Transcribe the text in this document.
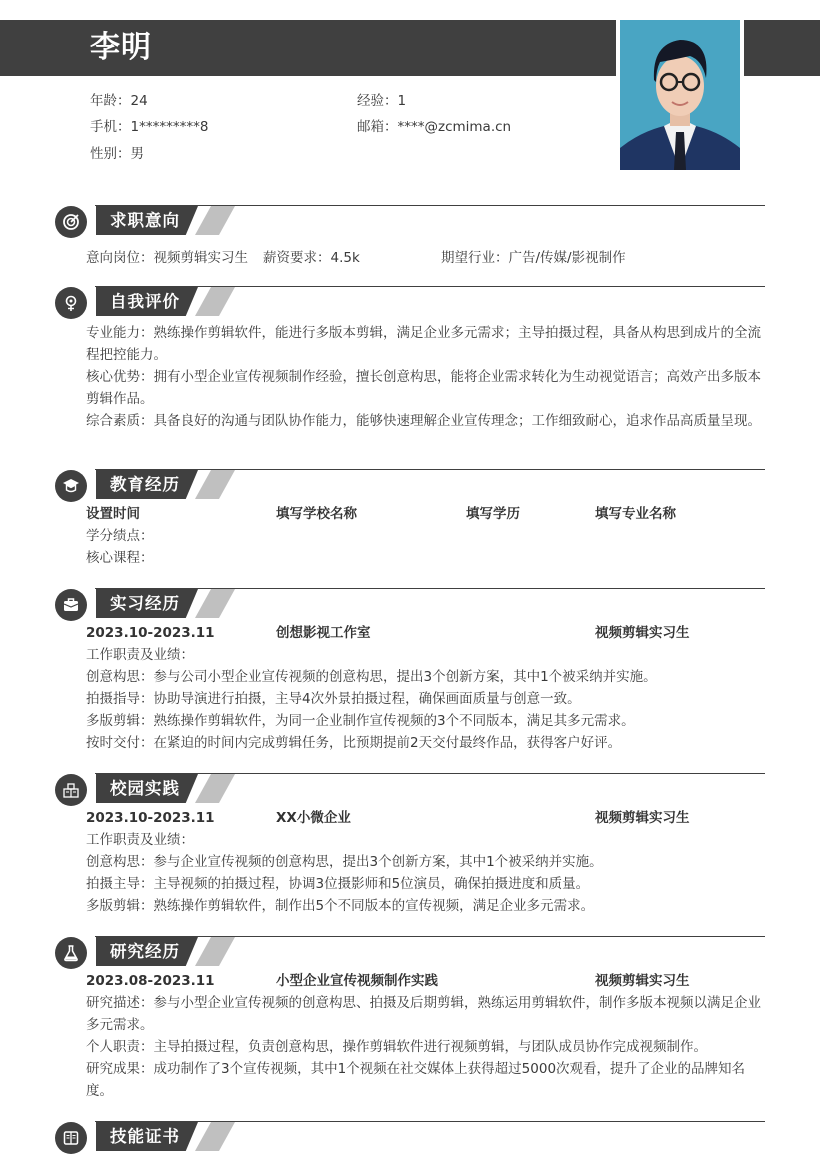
李明
年龄：24	经验：1
手机：1*********8	邮箱：****@zcmima.cn
性别：男
求职意向
意向岗位：视频剪辑实习生 薪资要求：4.5k	期望行业：广告/传媒/影视制作
自我评价
专业能力：熟练操作剪辑软件，能进行多版本剪辑，满足企业多元需求；主导拍摄过程，具备从构思到成片的全流程把控能力。
核心优势：拥有小型企业宣传视频制作经验，擅长创意构思，能将企业需求转化为生动视觉语言；高效产出多版本剪辑作品。
综合素质：具备良好的沟通与团队协作能力，能够快速理解企业宣传理念；工作细致耐心，追求作品高质量呈现。
教育经历
设置时间	填写学校名称	填写学历	填写专业名称
学分绩点：
核心课程：
实习经历
2023.10-2023.11	创想影视工作室	视频剪辑实习生
工作职责及业绩：
创意构思：参与公司小型企业宣传视频的创意构思，提出3个创新方案，其中1个被采纳并实施。
拍摄指导：协助导演进行拍摄，主导4次外景拍摄过程，确保画面质量与创意一致。
多版剪辑：熟练操作剪辑软件，为同一企业制作宣传视频的3个不同版本，满足其多元需求。
按时交付：在紧迫的时间内完成剪辑任务，比预期提前2天交付最终作品，获得客户好评。
校园实践
2023.10-2023.11	XX小微企业	视频剪辑实习生
工作职责及业绩：
创意构思：参与企业宣传视频的创意构思，提出3个创新方案，其中1个被采纳并实施。
拍摄主导：主导视频的拍摄过程，协调3位摄影师和5位演员，确保拍摄进度和质量。
多版剪辑：熟练操作剪辑软件，制作出5个不同版本的宣传视频，满足企业多元需求。
研究经历
2023.08-2023.11	小型企业宣传视频制作实践	视频剪辑实习生
研究描述：参与小型企业宣传视频的创意构思、拍摄及后期剪辑，熟练运用剪辑软件，制作多版本视频以满足企业多元需求。
个人职责：主导拍摄过程，负责创意构思，操作剪辑软件进行视频剪辑，与团队成员协作完成视频制作。
研究成果：成功制作了3个宣传视频，其中1个视频在社交媒体上获得超过5000次观看，提升了企业的品牌知名度。
技能证书
